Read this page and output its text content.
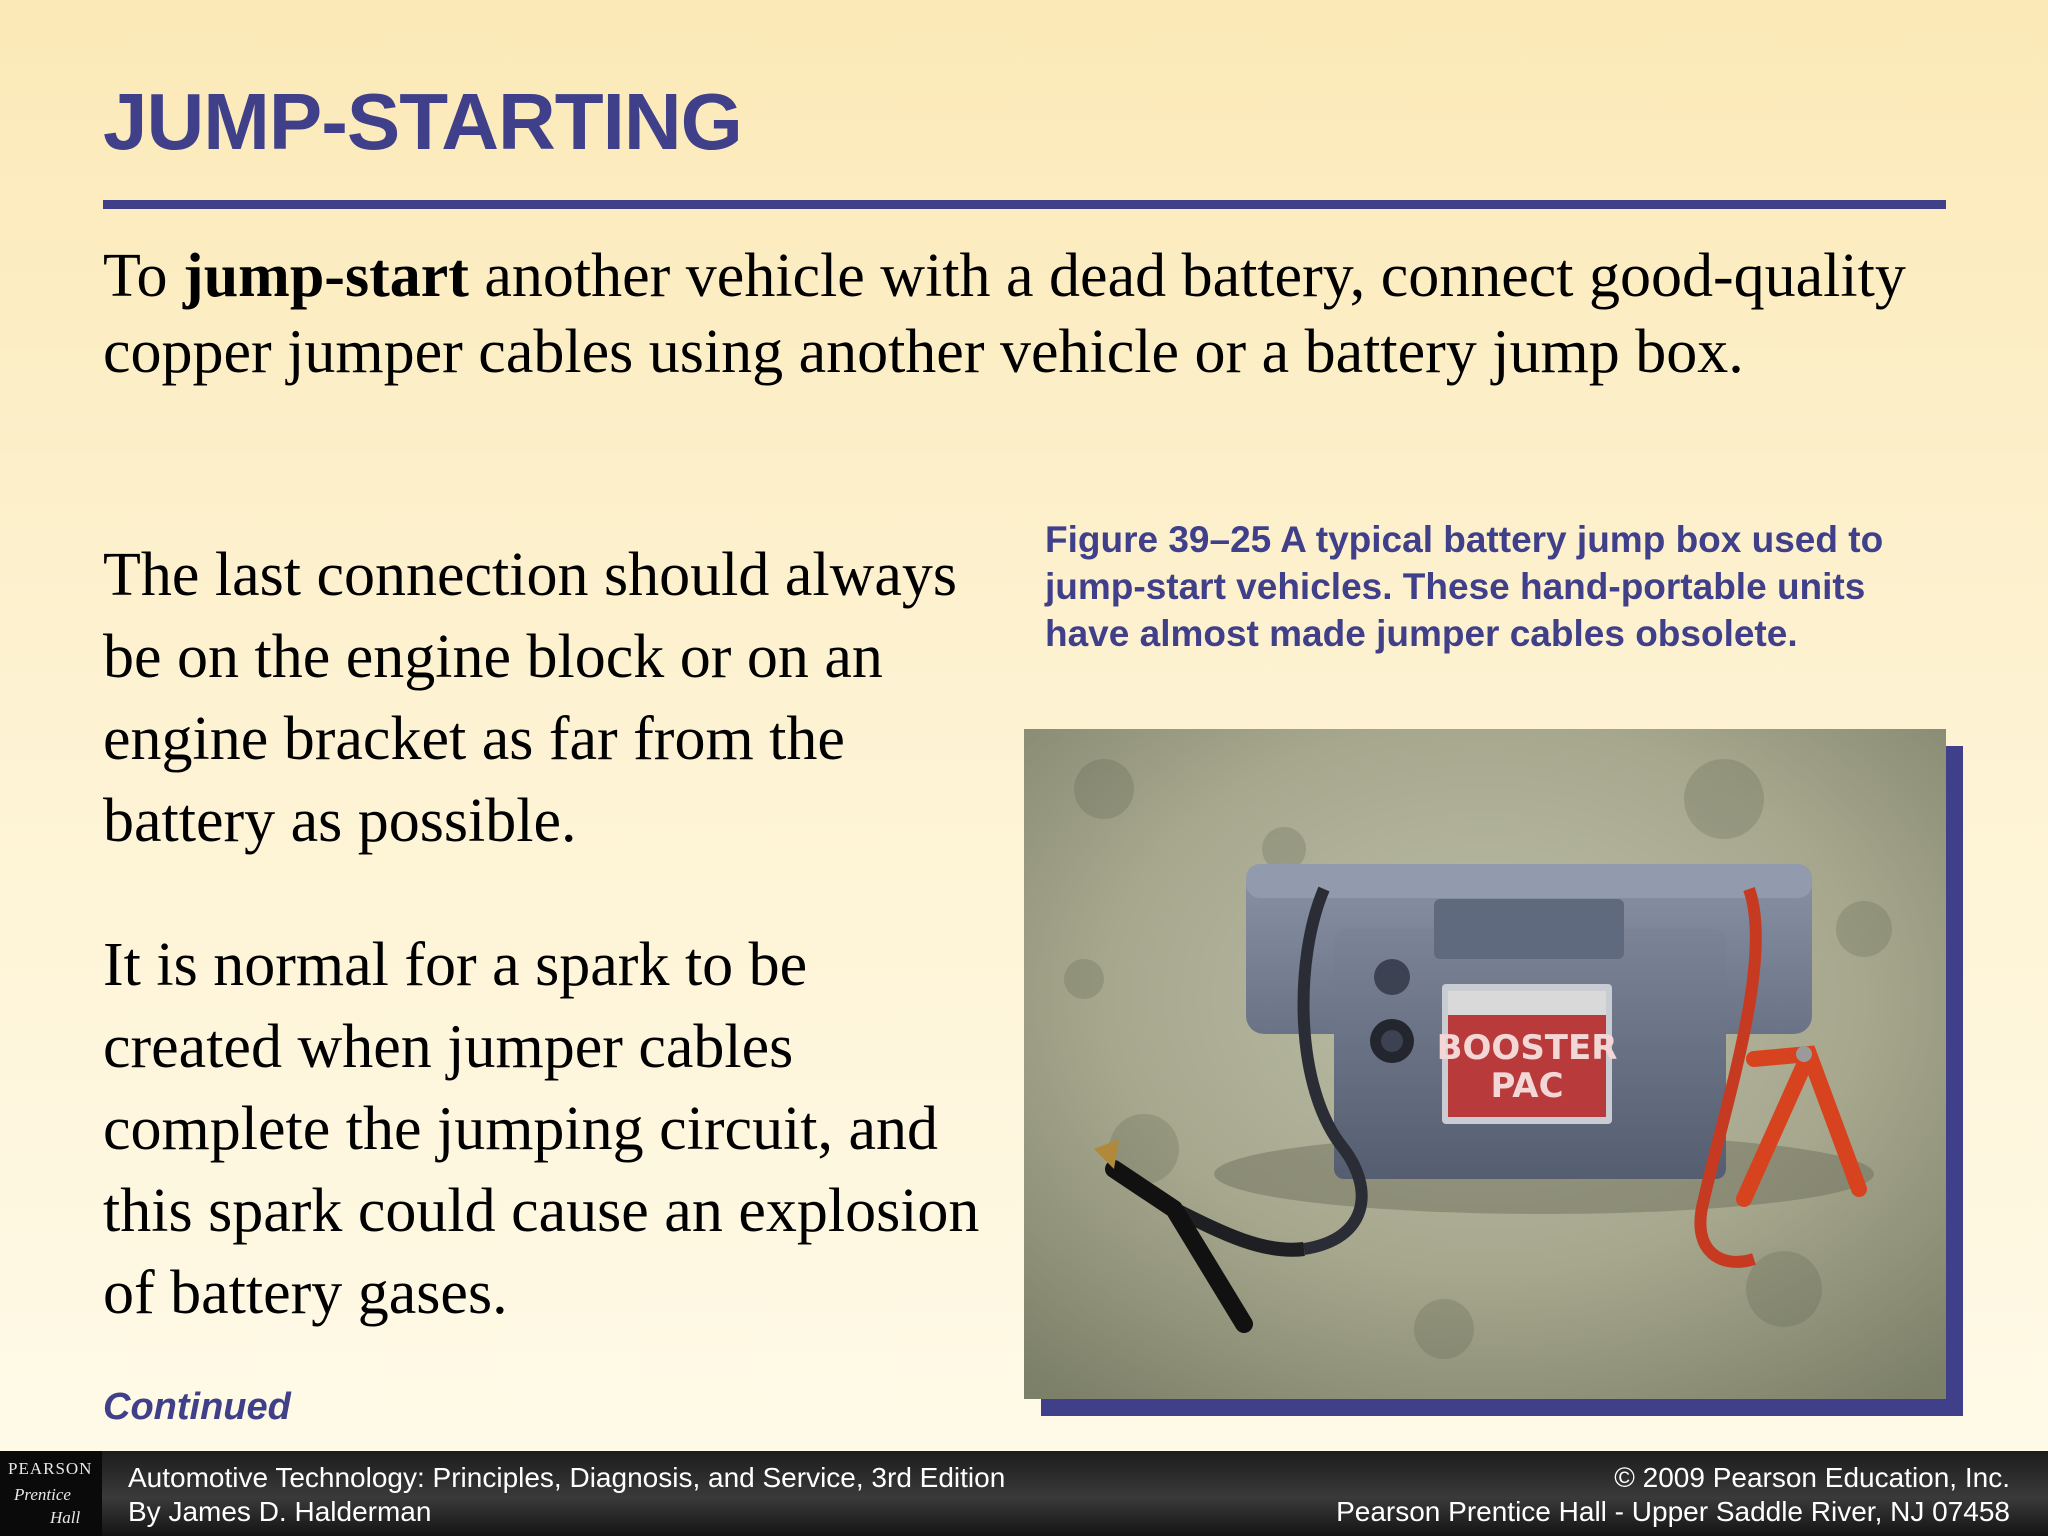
JUMP-STARTING
To jump-start another vehicle with a dead battery, connect good-quality copper jumper cables using another vehicle or a battery jump box.
The last connection should always be on the engine block or on an engine bracket as far from the battery as possible.
It is normal for a spark to be created when jumper cables complete the jumping circuit, and this spark could cause an explosion of battery gases.
Figure 39–25 A typical battery jump box used to jump-start vehicles. These hand-portable units have almost made jumper cables obsolete.
BOOSTER
PAC
Continued
PEARSON
Prentice
Hall
Automotive Technology: Principles, Diagnosis, and Service, 3rd Edition
By James D. Halderman
© 2009 Pearson Education, Inc.
Pearson Prentice Hall - Upper Saddle River, NJ 07458
